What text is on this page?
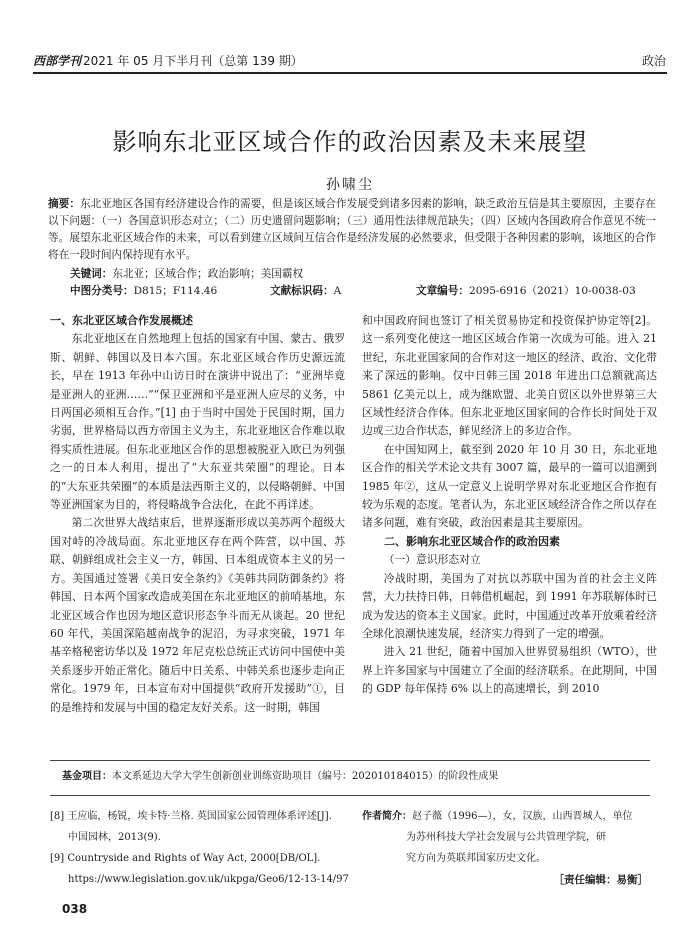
西部学刊 2021 年 05 月下半月刊（总第 139 期）	政治
影响东北亚区域合作的政治因素及未来展望
孙啸尘
摘要：东北亚地区各国有经济建设合作的需要，但是该区域合作发展受到诸多因素的影响，缺乏政治互信是其主要原因，主要存在以下问题：（一）各国意识形态对立；（二）历史遗留问题影响；（三）通用性法律规范缺失；（四）区域内各国政府合作意见不统一等。展望东北亚区域合作的未来，可以看到建立区域间互信合作是经济发展的必然要求，但受限于各种因素的影响，该地区的合作将在一段时间内保持现有水平。
关键词：东北亚；区域合作；政治影响；美国霸权
中图分类号：D815；F114.46	文献标识码：A	文章编号：2095-6916（2021）10-0038-03
一、东北亚区域合作发展概述

东北亚地区在自然地理上包括的国家有中国、蒙古、俄罗斯、朝鲜、韩国以及日本六国。东北亚区域合作历史源远流长，早在 1913 年孙中山访日时在演讲中说出了：“亚洲毕竟是亚洲人的亚洲……”“保卫亚洲和平是亚洲人应尽的义务，中日两国必须相互合作。”[1] 由于当时中国处于民国时期，国力劣弱，世界格局以西方帝国主义为主，东北亚地区合作难以取得实质性进展。但东北亚地区合作的思想被脱亚入欧已为列强之一的日本人利用，提出了“大东亚共荣圈”的理论。日本的“大东亚共荣圈”的本质是法西斯主义的，以侵略朝鲜、中国等亚洲国家为目的，将侵略战争合法化，在此不再详述。

第二次世界大战结束后，世界逐渐形成以美苏两个超级大国对峙的冷战局面。东北亚地区存在两个阵营，以中国、苏联、朝鲜组成社会主义一方，韩国、日本组成资本主义的另一方。美国通过签署《美日安全条约》《美韩共同防御条约》将韩国、日本两个国家改造成美国在东北亚地区的前哨基地，东北亚区域合作也因为地区意识形态争斗而无从谈起。20 世纪 60 年代，美国深陷越南战争的泥沼，为寻求突破，1971 年基辛格秘密访华以及 1972 年尼克松总统正式访问中国使中美关系逐步开始正常化。随后中日关系、中韩关系也逐步走向正常化。1979 年，日本宣布对中国提供“政府开发援助”①，目的是维持和发展与中国的稳定友好关系。这一时期，韩国

和中国政府间也签订了相关贸易协定和投资保护协定等[2]。这一系列变化使这一地区区域合作第一次成为可能。进入 21 世纪，东北亚国家间的合作对这一地区的经济、政治、文化带来了深远的影响。仅中日韩三国 2018 年进出口总额就高达 5861 亿美元以上，成为继欧盟、北美自贸区以外世界第三大区域性经济合作体。但东北亚地区国家间的合作长时间处于双边或三边合作状态，鲜见经济上的多边合作。

在中国知网上，截至到 2020 年 10 月 30 日，东北亚地区合作的相关学术论文共有 3007 篇，最早的一篇可以追溯到 1985 年②，这从一定意义上说明学界对东北亚地区合作抱有较为乐观的态度。笔者认为，东北亚区域经济合作之所以存在诸多问题，难有突破，政治因素是其主要原因。

二、影响东北亚区域合作的政治因素
（一）意识形态对立

冷战时期，美国为了对抗以苏联中国为首的社会主义阵营，大力扶持日韩，日韩借机崛起，到 1991 年苏联解体时已成为发达的资本主义国家。此时，中国通过改革开放乘着经济全球化浪潮快速发展，经济实力得到了一定的增强。

进入 21 世纪，随着中国加入世界贸易组织（WTO），世界上许多国家与中国建立了全面的经济联系。在此期间，中国的 GDP 每年保持 6% 以上的高速增长，到 2010

基金项目：本文系延边大学大学生创新创业训练资助项目（编号：202010184015）的阶段性成果
[8] 王应临，杨锐，埃卡特·兰格. 英国国家公园管理体系评述[J].
中国园林，2013(9).
[9] Countryside and Rights of Way Act, 2000[DB/OL].
https://www.legislation.gov.uk/ukpga/Geo6/12-13-14/97
作者简介：赵子薇（1996—），女，汉族，山西晋城人，单位
为苏州科技大学社会发展与公共管理学院，研
究方向为英联邦国家历史文化。
［责任编辑：易衡］
038
